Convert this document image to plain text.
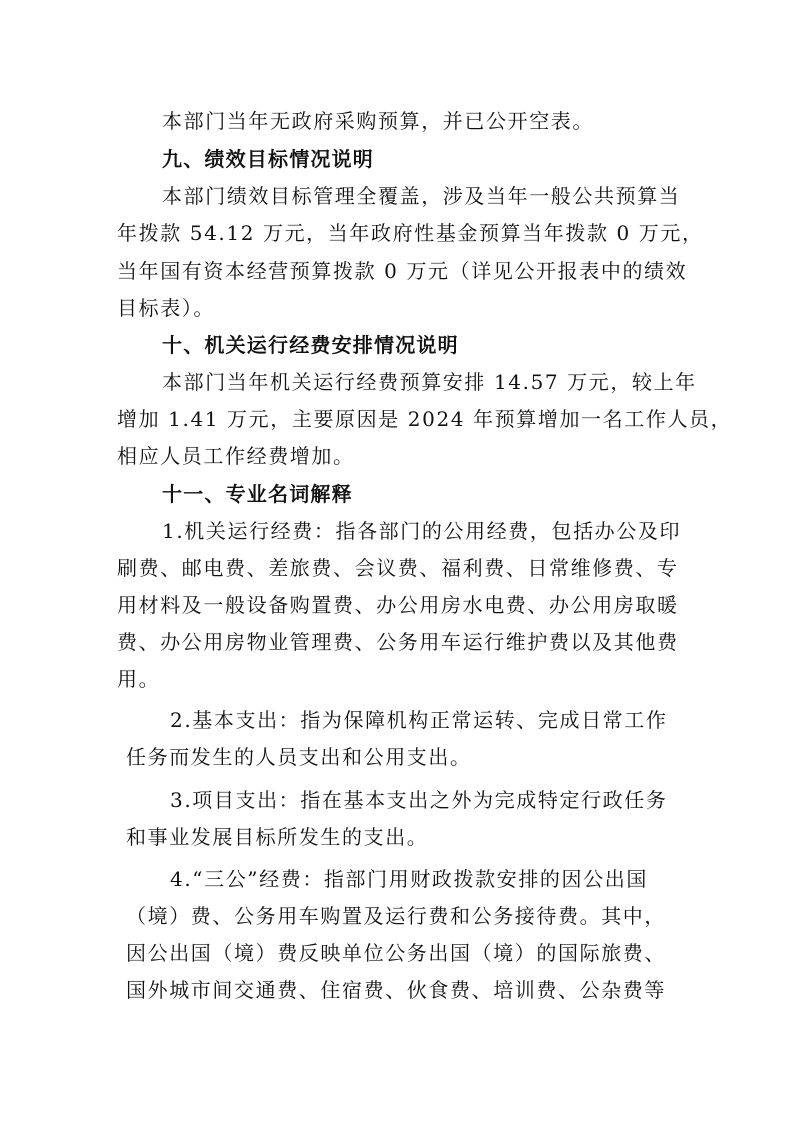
本部门当年无政府采购预算，并已公开空表。
九、绩效目标情况说明
本部门绩效目标管理全覆盖，涉及当年一般公共预算当
年拨款 54.12 万元，当年政府性基金预算当年拨款 0 万元，
当年国有资本经营预算拨款 0 万元（详见公开报表中的绩效
目标表）。
十、机关运行经费安排情况说明
本部门当年机关运行经费预算安排 14.57 万元，较上年
增加 1.41 万元，主要原因是 2024 年预算增加一名工作人员，
相应人员工作经费增加。
十一、专业名词解释
1.机关运行经费：指各部门的公用经费，包括办公及印
刷费、邮电费、差旅费、会议费、福利费、日常维修费、专
用材料及一般设备购置费、办公用房水电费、办公用房取暖
费、办公用房物业管理费、公务用车运行维护费以及其他费
用。
2.基本支出：指为保障机构正常运转、完成日常工作
任务而发生的人员支出和公用支出。
3.项目支出：指在基本支出之外为完成特定行政任务
和事业发展目标所发生的支出。
4.“三公”经费：指部门用财政拨款安排的因公出国
（境）费、公务用车购置及运行费和公务接待费。其中，
因公出国（境）费反映单位公务出国（境）的国际旅费、
国外城市间交通费、住宿费、伙食费、培训费、公杂费等
